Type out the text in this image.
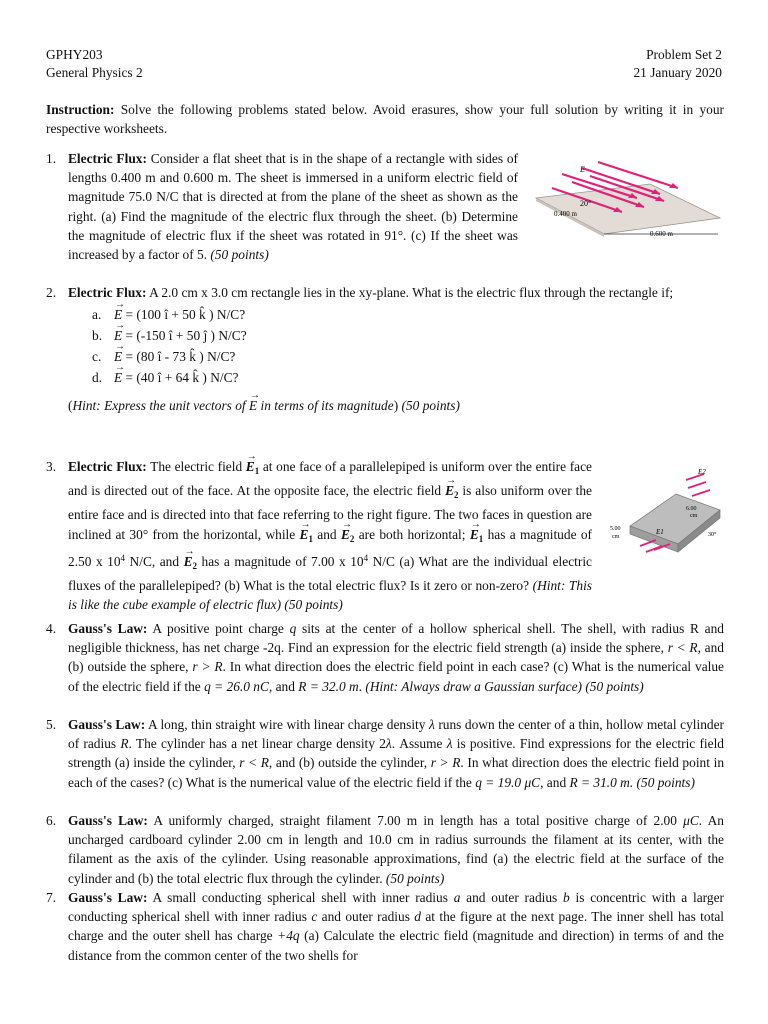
GPHY203
General Physics 2
Problem Set 2
21 January 2020
Instruction: Solve the following problems stated below. Avoid erasures, show your full solution by writing it in your respective worksheets.
1. Electric Flux: Consider a flat sheet that is in the shape of a rectangle with sides of lengths 0.400 m and 0.600 m. The sheet is immersed in a uniform electric field of magnitude 75.0 N/C that is directed at from the plane of the sheet as shown as the right. (a) Find the magnitude of the electric flux through the sheet. (b) Determine the magnitude of electric flux if the sheet was rotated in 91°. (c) If the sheet was increased by a factor of 5. (50 points)
E
20°
0.400 m
0.600 m
2. Electric Flux: A 2.0 cm x 3.0 cm rectangle lies in the xy-plane. What is the electric flux through the rectangle if;
a. → E = (100 î + 50 k̂ ) N/C?
b. → E = (-150 î + 50 ĵ ) N/C?
c. → E = (80 î - 73 k̂ ) N/C?
d. → E = (40 î + 64 k̂ ) N/C?
(Hint: Express the unit vectors of → E in terms of its magnitude) (50 points)
3. Electric Flux: The electric field → $E_1$ at one face of a parallelepiped is uniform over the entire face and is directed out of the face. At the opposite face, the electric field → $E_2$ is also uniform over the entire face and is directed into that face referring to the right figure. The two faces in question are inclined at 30° from the horizontal, while → $E_1$ and → $E_2$ are both horizontal; → $E_1$ has a magnitude of 2.50 x $10^4$ N/C, and → $E_2$ has a magnitude of 7.00 x $10^4$ N/C (a) What are the individual electric fluxes of the parallelepiped? (b) What is the total electric flux? Is it zero or non-zero? (Hint: This is like the cube example of electric flux) (50 points)
E2
E1
6.00
cm
5.00
cm	30°
4. Gauss's Law: A positive point charge q sits at the center of a hollow spherical shell. The shell, with radius R and negligible thickness, has net charge -2q. Find an expression for the electric field strength (a) inside the sphere, r < R, and (b) outside the sphere, r > R. In what direction does the electric field point in each case? (c) What is the numerical value of the electric field if the q = 26.0 nC, and R = 32.0 m. (Hint: Always draw a Gaussian surface) (50 points)
5. Gauss's Law: A long, thin straight wire with linear charge density λ runs down the center of a thin, hollow metal cylinder of radius R. The cylinder has a net linear charge density 2λ. Assume λ is positive. Find expressions for the electric field strength (a) inside the cylinder, r < R, and (b) outside the cylinder, r > R. In what direction does the electric field point in each of the cases? (c) What is the numerical value of the electric field if the q = 19.0 μC, and R = 31.0 m. (50 points)
6. Gauss's Law: A uniformly charged, straight filament 7.00 m in length has a total positive charge of 2.00 μC. An uncharged cardboard cylinder 2.00 cm in length and 10.0 cm in radius surrounds the filament at its center, with the filament as the axis of the cylinder. Using reasonable approximations, find (a) the electric field at the surface of the cylinder and (b) the total electric flux through the cylinder. (50 points)
7. Gauss's Law: A small conducting spherical shell with inner radius a and outer radius b is concentric with a larger conducting spherical shell with inner radius c and outer radius d at the figure at the next page. The inner shell has total charge and the outer shell has charge +4q (a) Calculate the electric field (magnitude and direction) in terms of and the distance from the common center of the two shells for
